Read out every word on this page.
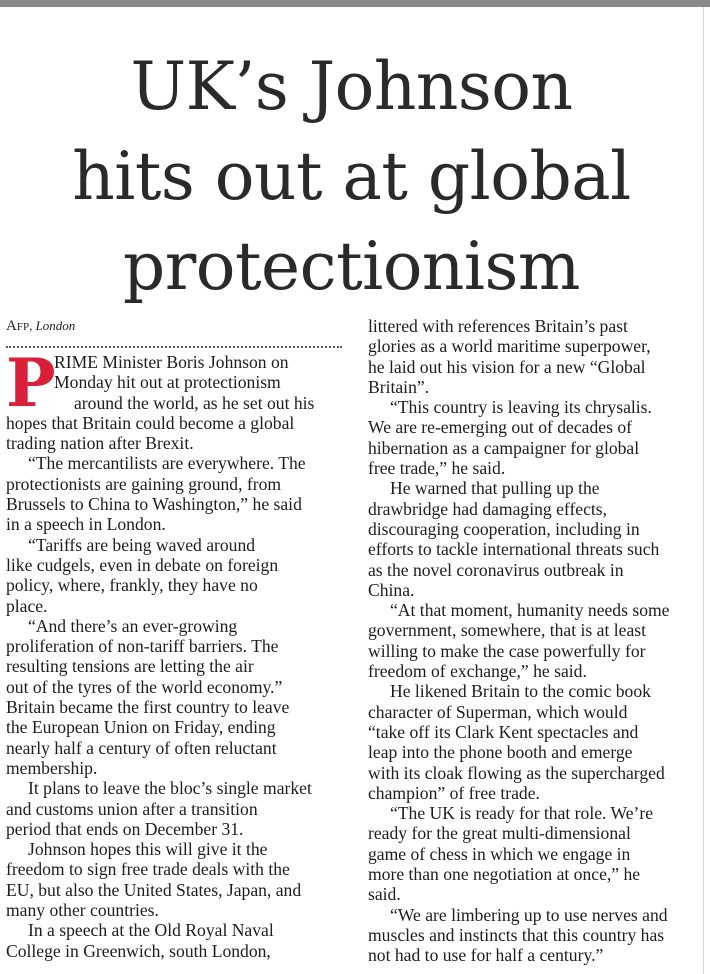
UK’s Johnson
hits out at global
protectionism
Afp, London

P
RIME Minister Boris Johnson on
Monday hit out at protectionism
around the world, as he set out his
hopes that Britain could become a global
trading nation after Brexit.

“The mercantilists are everywhere. The
protectionists are gaining ground, from
Brussels to China to Washington,” he said
in a speech in London.

“Tariffs are being waved around
like cudgels, even in debate on foreign
policy, where, frankly, they have no
place.

“And there’s an ever-growing
proliferation of non-tariff barriers. The
resulting tensions are letting the air
out of the tyres of the world economy.”
Britain became the first country to leave
the European Union on Friday, ending
nearly half a century of often reluctant
membership.

It plans to leave the bloc’s single market
and customs union after a transition
period that ends on December 31.

Johnson hopes this will give it the
freedom to sign free trade deals with the
EU, but also the United States, Japan, and
many other countries.

In a speech at the Old Royal Naval
College in Greenwich, south London,

littered with references Britain’s past
glories as a world maritime superpower,
he laid out his vision for a new “Global
Britain”.

“This country is leaving its chrysalis.
We are re-emerging out of decades of
hibernation as a campaigner for global
free trade,” he said.

He warned that pulling up the
drawbridge had damaging effects,
discouraging cooperation, including in
efforts to tackle international threats such
as the novel coronavirus outbreak in
China.

“At that moment, humanity needs some
government, somewhere, that is at least
willing to make the case powerfully for
freedom of exchange,” he said.

He likened Britain to the comic book
character of Superman, which would
“take off its Clark Kent spectacles and
leap into the phone booth and emerge
with its cloak flowing as the supercharged
champion” of free trade.

“The UK is ready for that role. We’re
ready for the great multi-dimensional
game of chess in which we engage in
more than one negotiation at once,” he
said.

“We are limbering up to use nerves and
muscles and instincts that this country has
not had to use for half a century.”
